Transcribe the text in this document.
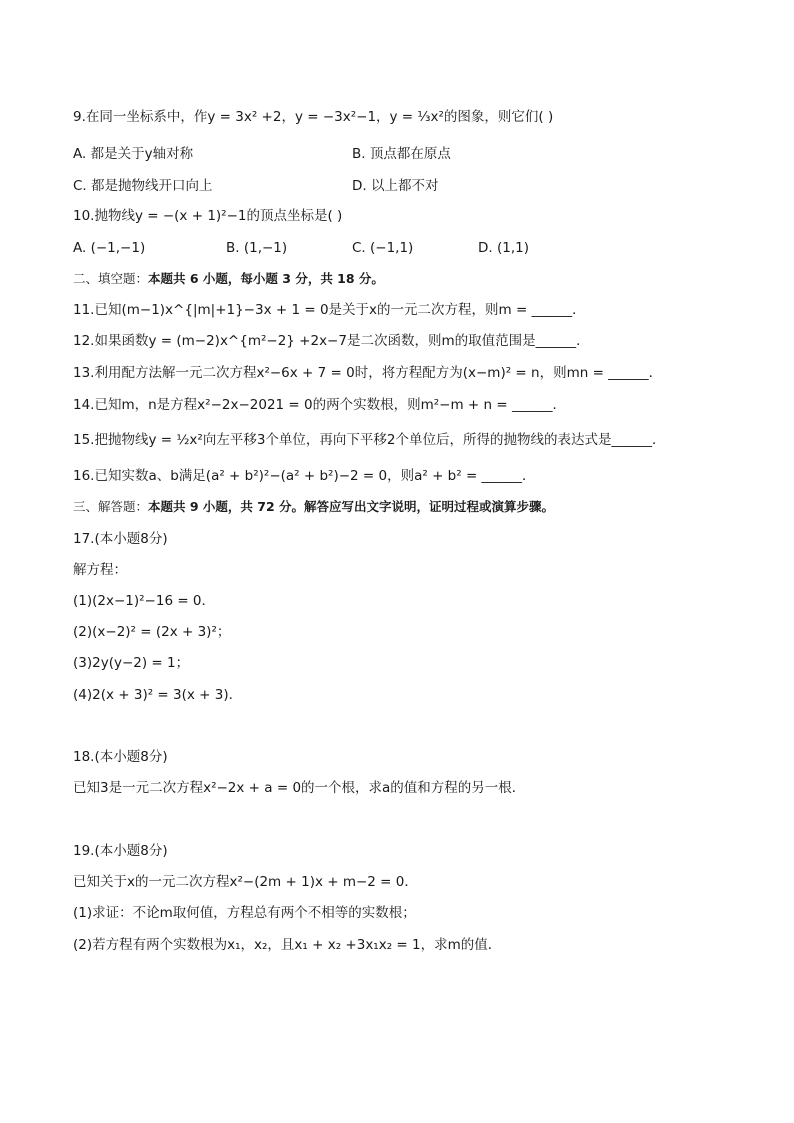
9.在同一坐标系中，作y = 3x² +2，y = −3x²−1，y = ⅓x²的图象，则它们( )
A. 都是关于y轴对称	B. 顶点都在原点
C. 都是抛物线开口向上	D. 以上都不对
10.抛物线y = −(x + 1)²−1的顶点坐标是( )
A. (−1,−1)	B. (1,−1)	C. (−1,1)	D. (1,1)
二、填空题：本题共 6 小题，每小题 3 分，共 18 分。
11.已知(m−1)x^{|m|+1}−3x + 1 = 0是关于x的一元二次方程，则m = ______．
12.如果函数y = (m−2)x^{m²−2} +2x−7是二次函数，则m的取值范围是______．
13.利用配方法解一元二次方程x²−6x + 7 = 0时，将方程配方为(x−m)² = n，则mn = ______．
14.已知m，n是方程x²−2x−2021 = 0的两个实数根，则m²−m + n = ______．
15.把抛物线y = ½x²向左平移3个单位，再向下平移2个单位后，所得的抛物线的表达式是______．
16.已知实数a、b满足(a² + b²)²−(a² + b²)−2 = 0，则a² + b² = ______．
三、解答题：本题共 9 小题，共 72 分。解答应写出文字说明，证明过程或演算步骤。
17.(本小题8分)
解方程：
(1)(2x−1)²−16 = 0．
(2)(x−2)² = (2x + 3)²；
(3)2y(y−2) = 1；
(4)2(x + 3)² = 3(x + 3)．
18.(本小题8分)
已知3是一元二次方程x²−2x + a = 0的一个根，求a的值和方程的另一根．
19.(本小题8分)
已知关于x的一元二次方程x²−(2m + 1)x + m−2 = 0．
(1)求证：不论m取何值，方程总有两个不相等的实数根；
(2)若方程有两个实数根为x₁，x₂，且x₁ + x₂ +3x₁x₂ = 1，求m的值．
